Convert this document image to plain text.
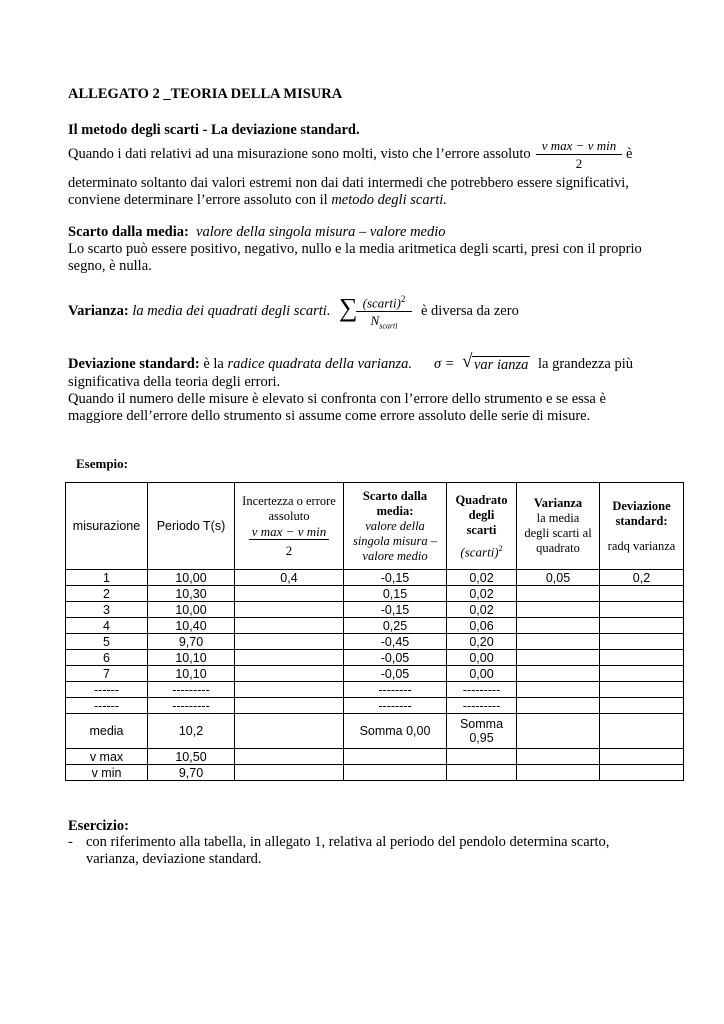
ALLEGATO 2 _TEORIA DELLA MISURA
Il metodo degli scarti - La deviazione standard.
Quando i dati relativi ad una misurazione sono molti, visto che l’errore assoluto
v max − v min
2
è
determinato soltanto dai valori estremi non dai dati intermedi che potrebbero essere significativi,
conviene determinare l’errore assoluto con il metodo degli scarti.
Scarto dalla media: valore della singola misura – valore medio
Lo scarto può essere positivo, negativo, nullo e la media aritmetica degli scarti, presi con il proprio
segno, è nulla.
Varianza: la media dei quadrati degli scarti. ∑ (scarti)$^2$
$N_{scarti}$
è diversa da zero
Deviazione standard: è la radice quadrata della varianza. σ = √ var ianza la grandezza più
significativa della teoria degli errori.
Quando il numero delle misure è elevato si confronta con l’errore dello strumento e se essa è
maggiore dell’errore dello strumento si assume come errore assoluto delle serie di misure.
Esempio:
misurazione	Periodo T(s)	Incertezza o errore
assoluto
$\frac{\text{v max − v min}}{2}$	Scarto dalla
media:
valore della
singola misura –
valore medio	Quadrato
degli
scarti
(scarti)$^2$	Varianza
la media
degli scarti al
quadrato	Deviazione
standard:
radq varianza

1	10,00	0,4	-0,15	0,02	0,05	0,2
2	10,30		0,15	0,02		
3	10,00		-0,15	0,02		
4	10,40		0,25	0,06		
5	9,70		-0,45	0,20		
6	10,10		-0,05	0,00		
7	10,10		-0,05	0,00		
------	---------		--------	---------		
------	---------		--------	---------		
media	10,2		Somma 0,00	Somma
0,95		

v max	10,50					
v min	9,70					
Esercizio:
- con riferimento alla tabella, in allegato 1, relativa al periodo del pendolo determina scarto,
varianza, deviazione standard.
